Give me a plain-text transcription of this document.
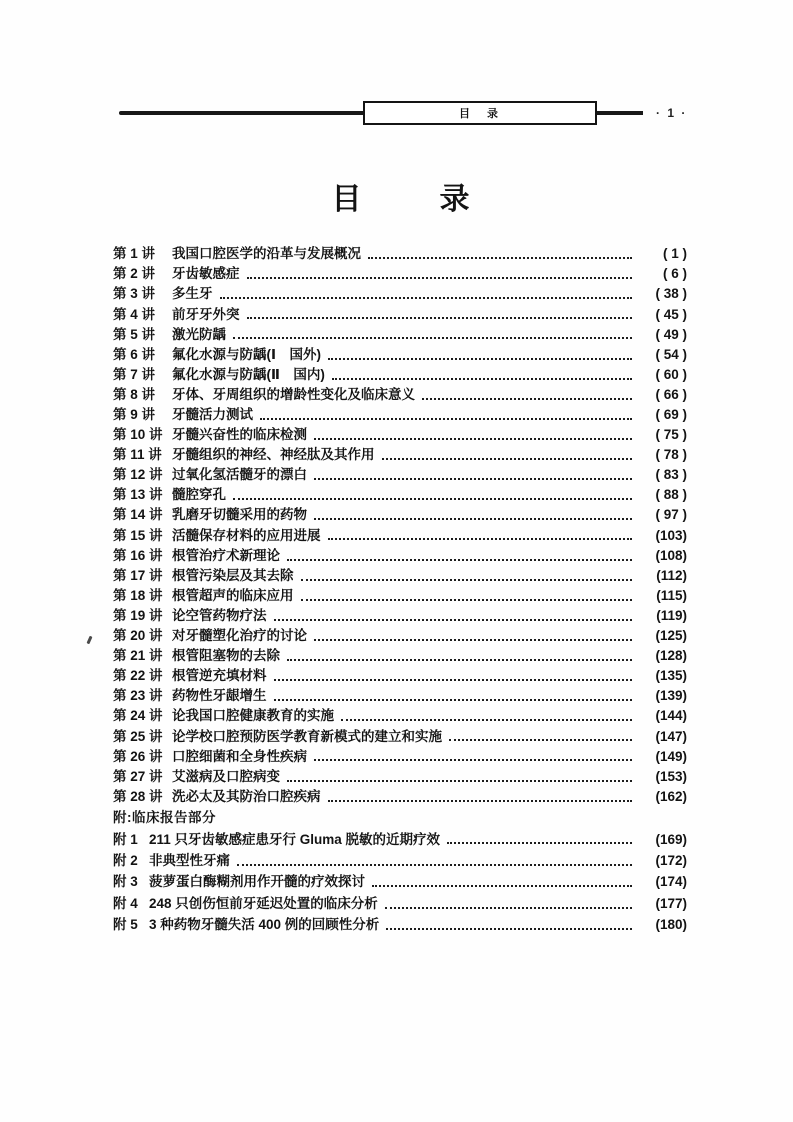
目　录	· 1 ·
目　　录
第 1 讲	我国口腔医学的沿革与发展概况	( 1 )
第 2 讲	牙齿敏感症	( 6 )
第 3 讲	多生牙	( 38 )
第 4 讲	前牙牙外突	( 45 )
第 5 讲	激光防龋	( 49 )
第 6 讲	氟化水源与防龋(Ⅰ　国外)	( 54 )
第 7 讲	氟化水源与防龋(Ⅱ　国内)	( 60 )
第 8 讲	牙体、牙周组织的增龄性变化及临床意义	( 66 )
第 9 讲	牙髓活力测试	( 69 )
第 10 讲 牙髓兴奋性的临床检测	( 75 )
第 11 讲 牙髓组织的神经、神经肽及其作用	( 78 )
第 12 讲 过氧化氢活髓牙的漂白	( 83 )
第 13 讲 髓腔穿孔	( 88 )
第 14 讲 乳磨牙切髓采用的药物	( 97 )
第 15 讲 活髓保存材料的应用进展	(103)
第 16 讲 根管治疗术新理论	(108)
第 17 讲 根管污染层及其去除	(112)
第 18 讲 根管超声的临床应用	(115)
第 19 讲 论空管药物疗法	(119)
第 20 讲 对牙髓塑化治疗的讨论	(125)
第 21 讲 根管阻塞物的去除	(128)
第 22 讲 根管逆充填材料	(135)
第 23 讲 药物性牙龈增生	(139)
第 24 讲 论我国口腔健康教育的实施	(144)
第 25 讲 论学校口腔预防医学教育新模式的建立和实施	(147)
第 26 讲 口腔细菌和全身性疾病	(149)
第 27 讲 艾滋病及口腔病变	(153)
第 28 讲 洗必太及其防治口腔疾病	(162)
附:临床报告部分
附 1 211 只牙齿敏感症患牙行 Gluma 脱敏的近期疗效	(169)
附 2 非典型性牙痛	(172)
附 3 菠萝蛋白酶糊剂用作开髓的疗效探讨	(174)
附 4 248 只创伤恒前牙延迟处置的临床分析	(177)
附 5 3 种药物牙髓失活 400 例的回顾性分析	(180)
